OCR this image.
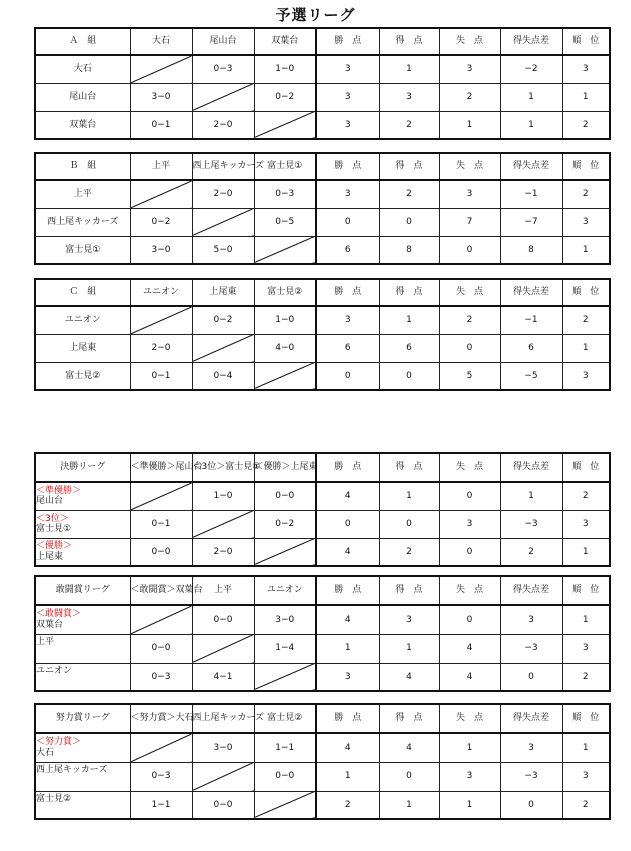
予選リーグ
Ａ　組	大石	尾山台	双葉台	勝　点	得　点	失　点	得失点差	順　位
大石		0−3	1−0	3	1	3	−2	3
尾山台	3−0		0−2	3	3	2	1	1
双葉台	0−1	2−0		3	2	1	1	2
Ｂ　組	上平	西上尾キッカーズ	富士見①	勝　点	得　点	失　点	得失点差	順　位
上平		2−0	0−3	3	2	3	−1	2
西上尾キッカーズ	0−2		0−5	0	0	7	−7	3
富士見①	3−0	5−0		6	8	0	8	1
Ｃ　組	ユニオン	上尾東	富士見②	勝　点	得　点	失　点	得失点差	順　位
ユニオン		0−2	1−0	3	1	2	−1	2
上尾東	2−0		4−0	6	6	0	6	1
富士見②	0−1	0−4		0	0	5	−5	3
決勝リーグ	＜準優勝＞尾山台	＜3位＞富士見①	＜優勝＞上尾東	勝　点	得　点	失　点	得失点差	順　位

＜準優勝＞
尾山台		1−0	0−0	4	1	0	1	2

＜3位＞
富士見①	0−1		0−2	0	0	3	−3	3

＜優勝＞
上尾東	0−0	2−0		4	2	0	2	1
敢闘賞リーグ	＜敢闘賞＞双葉台	上平	ユニオン	勝　点	得　点	失　点	得失点差	順　位

＜敢闘賞＞
双葉台		0−0	3−0	4	3	0	3	1

上平	0−0		1−4	1	1	4	−3	3

ユニオン	0−3	4−1		3	4	4	0	2
努力賞リーグ	＜努力賞＞大石	西上尾キッカーズ	富士見②	勝　点	得　点	失　点	得失点差	順　位

＜努力賞＞
大石		3−0	1−1	4	4	1	3	1

西上尾キッカーズ	0−3		0−0	1	0	3	−3	3

富士見②	1−1	0−0		2	1	1	0	2
